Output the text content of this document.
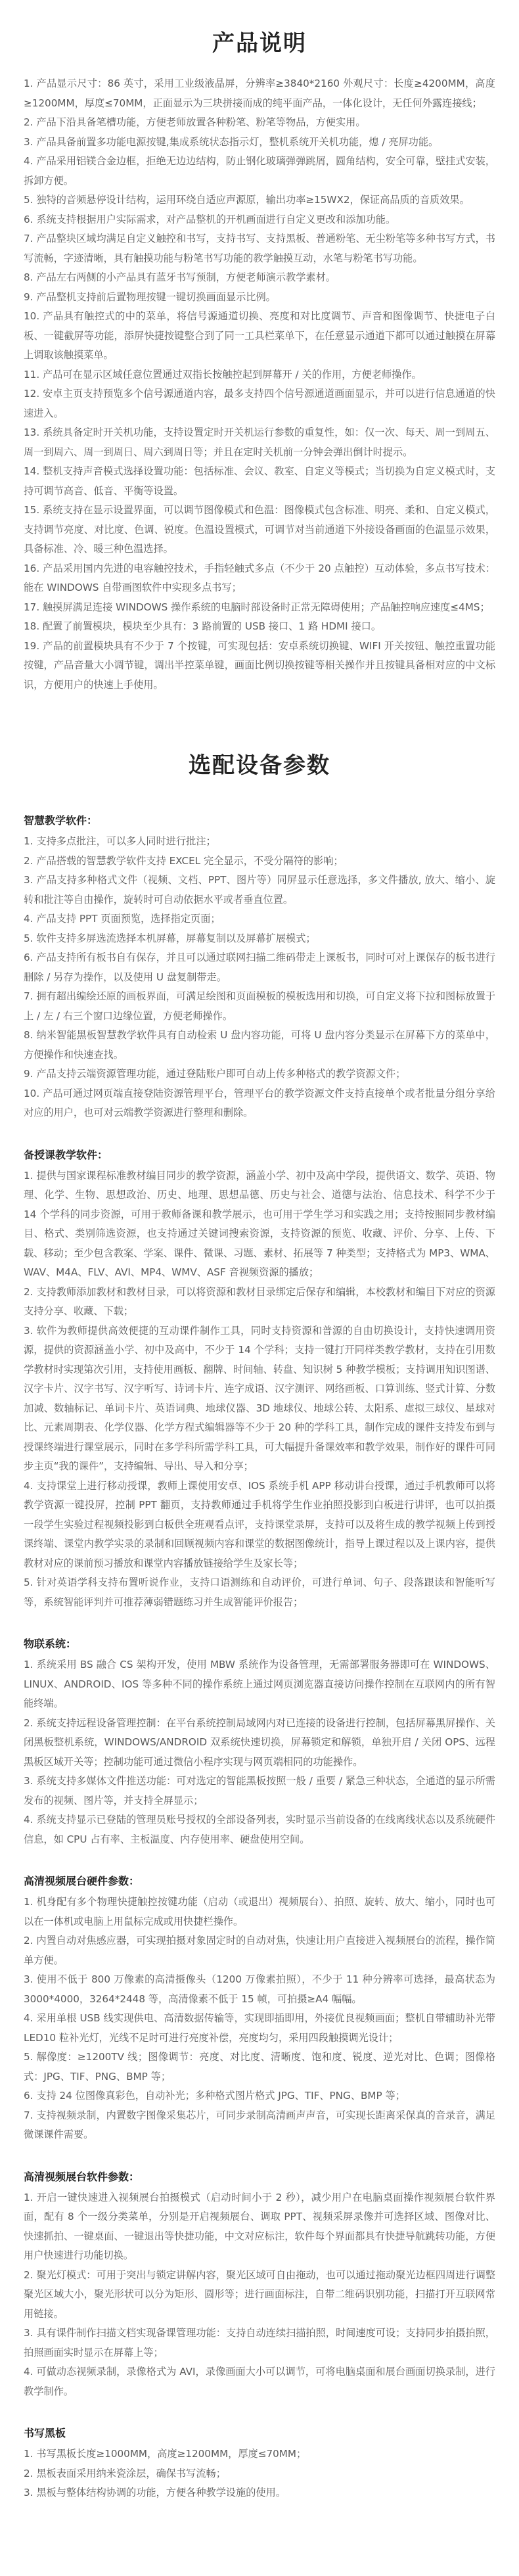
产品说明

1. 产品显示尺寸：86 英寸，采用工业级液晶屏，分辨率≥3840*2160 外观尺寸：长度≥4200MM，高度≥1200MM，厚度≤70MM，正面显示为三块拼接而成的纯平面产品，一体化设计，无任何外露连接线；

2. 产品下沿具备笔槽功能，方便老师放置各种粉笔、粉笔等物品，方便实用。

3. 产品具备前置多功能电源按键,集成系统状态指示灯，整机系统开关机功能，熄 / 亮屏功能。

4. 产品采用铝镁合金边框，拒绝无边边结构，防止钢化玻璃弹弹跳屑，圆角结构，安全可靠，壁挂式安装，拆卸方便。

5. 独特的音频悬停设计结构，运用环绕自适应声源原，输出功率≥15WX2，保证高品质的音质效果。

6. 系统支持根据用户实际需求，对产品整机的开机画面进行自定义更改和添加功能。

7. 产品整块区域均满足自定义触控和书写，支持书写、支持黑板、普通粉笔、无尘粉笔等多种书写方式，书写流畅，字迹清晰，具有触摸功能与粉笔书写功能的教学触摸互动，水笔与粉笔书写功能。

8. 产品左右两侧的小产品具有蓝牙书写预制，方便老师演示教学素材。

9. 产品整机支持前后置物理按键一键切换画面显示比例。

10. 产品具有触控式的中的菜单，将信号源通道切换、亮度和对比度调节、声音和图像调节、快捷电子白板、一键截屏等功能，添屏快捷按键整合到了同一工具栏菜单下，在任意显示通道下都可以通过触摸在屏幕上调取该触摸菜单。

11. 产品可在显示区域任意位置通过双指长按触控起到屏幕开 / 关的作用，方便老师操作。

12. 安卓主页支持预览多个信号源通道内容，最多支持四个信号源通道画面显示，并可以进行信息通道的快速进入。

13. 系统具备定时开关机功能，支持设置定时开关机运行参数的重复性，如：仅一次、每天、周一到周五、周一到周六、周一到周日、周六到周日等；并且在定时关机前一分钟会弹出倒计时提示。

14. 整机支持声音模式选择设置功能：包括标准、会议、教室、自定义等模式；当切换为自定义模式时，支持可调节高音、低音、平衡等设置。

15. 系统支持在显示设置界面，可以调节图像模式和色温：图像模式包含标准、明亮、柔和、自定义模式，支持调节亮度、对比度、色调、锐度。色温设置模式，可调节对当前通道下外接设备画面的色温显示效果，具备标准、冷、暖三种色温选择。

16. 产品采用国内先进的电容触控技术，手指轻触式多点（不少于 20 点触控）互动体验，多点书写技术：能在 WINDOWS 自带画图软件中实现多点书写；

17. 触摸屏满足连接 WINDOWS 操作系统的电脑时部设备时正常无障碍使用；产品触控响应速度≤4MS；

18. 配置了前置模块，模块至少具有：3 路前置的 USB 接口、1 路 HDMI 接口。

19. 产品的前置模块具有不少于 7 个按键，可实现包括：安卓系统切换键、WIFI 开关按钮、触控重置功能按键，产品音量大小调节键，调出半控菜单键，画面比例切换按键等相关操作并且按键具备相对应的中文标识，方便用户的快速上手使用。

选配设备参数

智慧教学软件：

1. 支持多点批注，可以多人同时进行批注；

2. 产品搭载的智慧教学软件支持 EXCEL 完全显示，不受分隔符的影响；

3. 产品支持多种格式文件（视频、文档、PPT、图片等）同屏显示任意选择，多文件播放, 放大、缩小、旋转和批注等自由操作，旋转时可自动依据水平或者垂直位置。

4. 产品支持 PPT 页面预览，选择指定页面；

5. 软件支持多屏选流选择本机屏幕，屏幕复制以及屏幕扩展模式；

6. 产品支持所有板书自有保存，并且可以通过联网扫描二维码带走上课板书，同时可对上课保存的板书进行删除 / 另存为操作，以及使用 U 盘复制带走。

7. 拥有超出编绘还原的画板界面，可满足绘图和页面模板的模板选用和切换，可自定义将下拉和图标放置于上 / 左 / 右三个窗口边缘位置，方便老师操作。

8. 纳米智能黑板智慧教学软件具有自动检索 U 盘内容功能，可将 U 盘内容分类显示在屏幕下方的菜单中，方便操作和快速查找。

9. 产品支持云端资源管理功能，通过登陆账户即可自动上传多种格式的教学资源文件；

10. 产品可通过网页端直接登陆资源管理平台，管理平台的教学资源文件支持直接单个或者批量分组分享给对应的用户，也可对云端教学资源进行整理和删除。

备授课教学软件：

1. 提供与国家课程标准教材编目同步的教学资源，涵盖小学、初中及高中学段，提供语文、数学、英语、物理、化学、生物、思想政治、历史、地理、思想品德、历史与社会、道德与法治、信息技术、科学不少于 14 个学科的同步资源，可用于教师备课和教学展示，也可用于学生学习和实践之用；支持按照同步教材编目、格式、类别筛选资源，也支持通过关键词搜索资源，支持资源的预览、收藏、评价、分享、上传、下载、移动；至少包含教案、学案、课件、微课、习题、素材、拓展等 7 种类型；支持格式为 MP3、WMA、WAV、M4A、FLV、AVI、MP4、WMV、ASF 音视频资源的播放；

2. 支持教师添加教材和教材目录，可以将资源和教材目录绑定后保存和编辑，本校教材和编目下对应的资源支持分享、收藏、下载；

3. 软件为教师提供高效便捷的互动课件制作工具，同时支持资源和普源的自由切换设计，支持快速调用资源，提供的资源涵盖小学、初中及高中，不少于 14 个学科；支持一键打开同样类教学教材，支持在引用数学教材时实现第次引用，支持使用画板、翻牌、时间轴、转盘、知识树 5 种教学模板；支持调用知识图谱、汉字卡片、汉字书写、汉字听写、诗词卡片、连字成语、汉字测评、网络画板、口算训练、竖式计算、分数加减、数轴标记、单词卡片、英语词典、地球仪器、3D 地球仪、地球公转、太阳系、虚拟三球仪、星球对比、元素周期表、化学仪器、化学方程式编辑器等不少于 20 种的学科工具，制作完成的课件支持发布到与授课终端进行课堂展示，同时在多学科所需学科工具，可大幅提升备课效率和教学效果，制作好的课件可同步主页“我的课件”，支持编辑、导出、导入和分享；

4. 支持课堂上进行移动授课，教师上课使用安卓、IOS 系统手机 APP 移动讲台授课，通过手机教师可以将教学资源一键投屏，控制 PPT 翻页，支持教师通过手机将学生作业拍照投影到白板进行讲评，也可以拍摄一段学生实验过程视频投影到白板供全班观看点评，支持课堂录屏，支持可以及将生成的教学视频上传到授课终端、课堂内教学实录的录制和回顾视频内容和课堂的数据图像统计，指导上课过程以及上课内容，提供教材对应的课前预习播放和课堂内容播放链接给学生及家长等；

5. 针对英语学科支持布置听说作业，支持口语测练和自动评价，可进行单词、句子、段落跟读和智能听写等，系统智能评判并可推荐薄弱错题练习并生成智能评价报告；

物联系统：

1. 系统采用 BS 融合 CS 架构开发，使用 MBW 系统作为设备管理，无需部署服务器即可在 WINDOWS、LINUX、ANDROID、IOS 等多种不同的操作系统上通过网页浏览器直接访问操作控制在互联网内的所有智能终端。

2. 系统支持远程设备管理控制：在平台系统控制局域网内对已连接的设备进行控制，包括屏幕黑屏操作、关闭黑板整机系统，WINDOWS/ANDROID 双系统快速切换，屏幕锁定和解锁，单独开启 / 关闭 OPS、远程黑板区域开关等；控制功能可通过微信小程序实现与网页端相同的功能操作。

3. 系统支持多媒体文件推送功能：可对选定的智能黑板按照一般 / 重要 / 紧急三种状态，全通道的显示所需发布的视频、图片等，并支持全屏显示；

4. 系统支持显示已登陆的管理员账号授权的全部设备列表，实时显示当前设备的在线离线状态以及系统硬件信息，如 CPU 占有率、主板温度、内存使用率、硬盘使用空间。

高清视频展台硬件参数：

1. 机身配有多个物理快捷触控按键功能（启动（或退出）视频展台）、拍照、旋转、放大、缩小，同时也可以在一体机或电脑上用鼠标完成或用快捷栏操作。

2. 内置自动对焦感应器，可实现拍摄对象固定时的自动对焦，快速让用户直接进入视频展台的流程，操作简单方便。

3. 使用不低于 800 万像素的高清摄像头（1200 万像素拍照），不少于 11 种分辨率可选择，最高状态为 3000*4000，3264*2448 等，高清像素不低于 15 帧，可拍摄≥A4 幅幅。

4. 采用单根 USB 线实现供电、高清数据传输等，实现即插即用，外接优良视频画面；整机自带辅助补光带 LED10 粒补光灯，光线不足时可进行亮度补偿，亮度均匀，采用四段触摸调光设计；

5. 解像度：≥1200TV 线；图像调节：亮度、对比度、清晰度、饱和度、锐度、逆光对比、色调；图像格式：JPG、TIF、PNG、BMP 等；

6. 支持 24 位图像真彩色，自动补光；多种格式图片格式 JPG、TIF、PNG、BMP 等；

7. 支持视频录制，内置数字图像采集芯片，可同步录制高清画声声音，可实现长距离采保真的音录音，满足微课课件需要。

高清视频展台软件参数：

1. 开启一键快速进入视频展台拍摄模式（启动时间小于 2 秒），减少用户在电脑桌面操作视频展台软件界面，配有 8 个一级分类菜单，分别是开启视频展台、调取 PPT、视频采屏录像并可选择区域、图像对比、快速抓拍、一键桌面、一键退出等快捷功能，中文对应标注，软件每个界面都具有快捷导航跳转功能，方便用户快速进行功能切换。

2. 聚光灯模式：可用于突出与锁定讲解内容，聚光区域可自由拖动，也可以通过拖动聚光边框四周进行调整聚光区域大小，聚光形状可以分为矩形、圆形等；进行画面标注，自带二维码识别功能，扫描打开互联网常用链接。

3. 具有课件制作扫描文档实现备课管理功能：支持自动连续扫描拍照，时间速度可设；支持同步拍摄拍照，拍照画面实时显示在屏幕上等；

4. 可做动态视频录制，录像格式为 AVI，录像画面大小可以调节，可将电脑桌面和展台画面切换录制，进行教学制作。

书写黑板

1. 书写黑板长度≥1000MM，高度≥1200MM，厚度≤70MM；

2. 黑板表面采用纳米瓷涂层，确保书写流畅；

3. 黑板与整体结构协调的功能，方便各种教学设施的使用。
